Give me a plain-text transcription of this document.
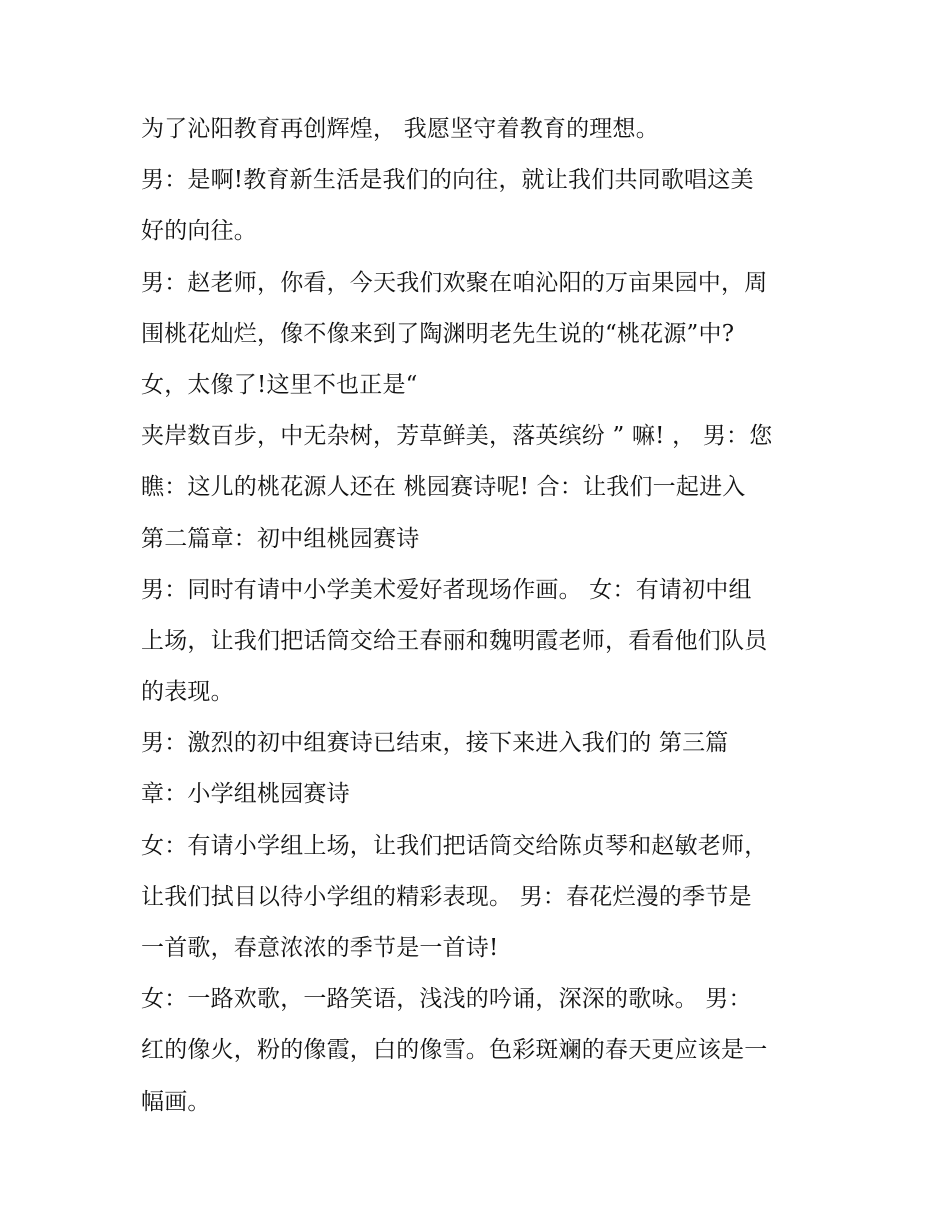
为了沁阳教育再创辉煌， 我愿坚守着教育的理想。
男：是啊!教育新生活是我们的向往，就让我们共同歌唱这美
好的向往。
男：赵老师，你看，今天我们欢聚在咱沁阳的万亩果园中，周
围桃花灿烂，像不像来到了陶渊明老先生说的“桃花源”中?
女，太像了!这里不也正是“
夹岸数百步，中无杂树，芳草鲜美，落英缤纷 ” 嘛! ， 男：您
瞧：这儿的桃花源人还在 桃园赛诗呢! 合：让我们一起进入
第二篇章：初中组桃园赛诗
男：同时有请中小学美术爱好者现场作画。 女：有请初中组
上场，让我们把话筒交给王春丽和魏明霞老师，看看他们队员
的表现。
男：激烈的初中组赛诗已结束，接下来进入我们的 第三篇
章：小学组桃园赛诗
女：有请小学组上场，让我们把话筒交给陈贞琴和赵敏老师，
让我们拭目以待小学组的精彩表现。 男：春花烂漫的季节是
一首歌，春意浓浓的季节是一首诗!
女：一路欢歌，一路笑语，浅浅的吟诵，深深的歌咏。 男：
红的像火，粉的像霞，白的像雪。色彩斑斓的春天更应该是一
幅画。
